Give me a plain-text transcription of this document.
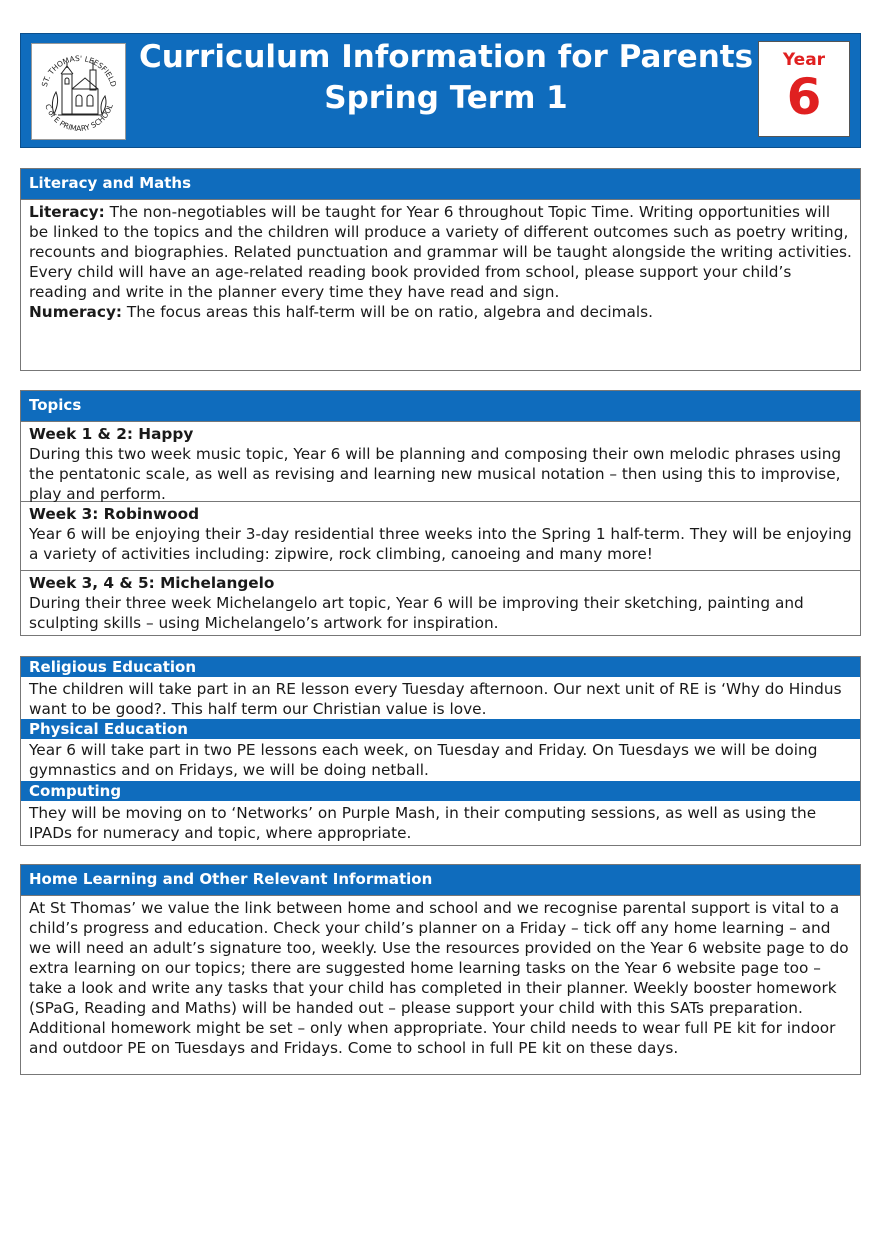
ST. THOMAS' LEESFIELD
C of E PRIMARY SCHOOL
Curriculum Information for Parents
Spring Term 1
Year
6
Literacy and Maths
Literacy: The non-negotiables will be taught for Year 6 throughout Topic Time. Writing opportunities will be linked to the topics and the children will produce a variety of different outcomes such as poetry writing, recounts and biographies. Related punctuation and grammar will be taught alongside the writing activities.
Every child will have an age-related reading book provided from school, please support your child’s reading and write in the planner every time they have read and sign.
Numeracy: The focus areas this half-term will be on ratio, algebra and decimals.
Topics
Week 1 & 2: Happy
During this two week music topic, Year 6 will be planning and composing their own melodic phrases using the pentatonic scale, as well as revising and learning new musical notation – then using this to improvise, play and perform.
Week 3: Robinwood
Year 6 will be enjoying their 3-day residential three weeks into the Spring 1 half-term. They will be enjoying a variety of activities including: zipwire, rock climbing, canoeing and many more!
Week 3, 4 & 5: Michelangelo
During their three week Michelangelo art topic, Year 6 will be improving their sketching, painting and sculpting skills – using Michelangelo’s artwork for inspiration.
Religious Education
The children will take part in an RE lesson every Tuesday afternoon. Our next unit of RE is ‘Why do Hindus want to be good?. This half term our Christian value is love.
Physical Education
Year 6 will take part in two PE lessons each week, on Tuesday and Friday. On Tuesdays we will be doing gymnastics and on Fridays, we will be doing netball.
Computing
They will be moving on to ‘Networks’ on Purple Mash, in their computing sessions, as well as using the IPADs for numeracy and topic, where appropriate.
Home Learning and Other Relevant Information
At St Thomas’ we value the link between home and school and we recognise parental support is vital to a child’s progress and education. Check your child’s planner on a Friday – tick off any home learning – and we will need an adult’s signature too, weekly. Use the resources provided on the Year 6 website page to do extra learning on our topics; there are suggested home learning tasks on the Year 6 website page too – take a look and write any tasks that your child has completed in their planner. Weekly booster homework (SPaG, Reading and Maths) will be handed out – please support your child with this SATs preparation. Additional homework might be set – only when appropriate. Your child needs to wear full PE kit for indoor and outdoor PE on Tuesdays and Fridays. Come to school in full PE kit on these days.
